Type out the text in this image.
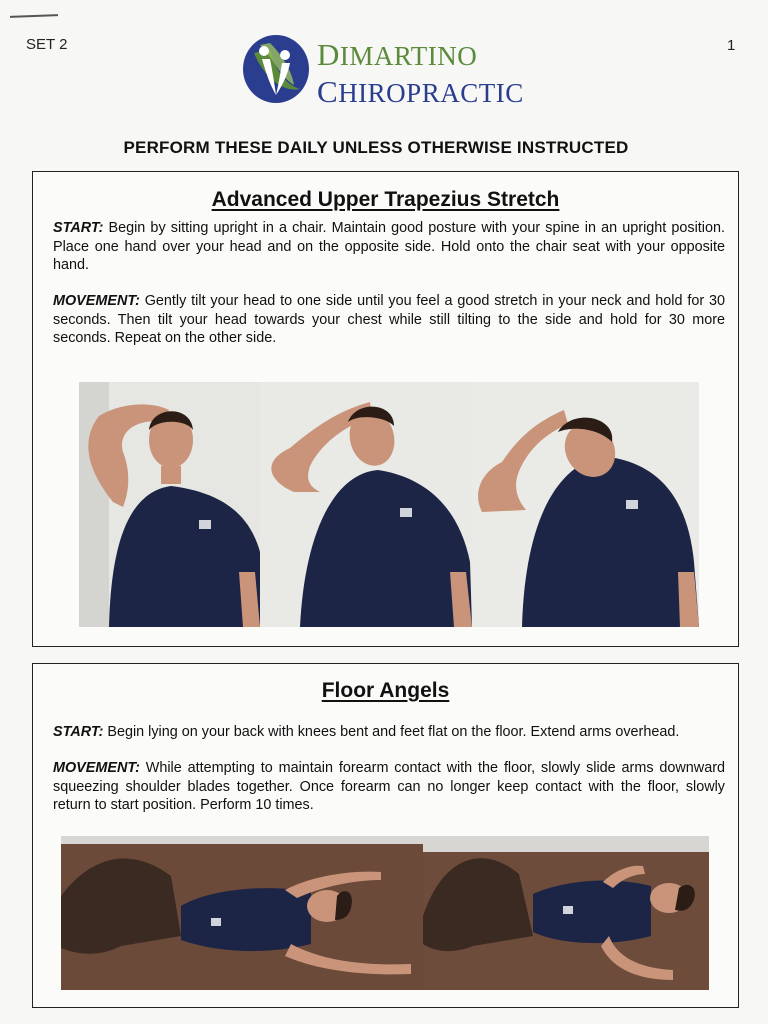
SET 2	1
DIMARTINO
CHIROPRACTIC
PERFORM THESE DAILY UNLESS OTHERWISE INSTRUCTED
Advanced Upper Trapezius Stretch

START: Begin by sitting upright in a chair. Maintain good posture with your spine in an upright position. Place one hand over your head and on the opposite side. Hold onto the chair seat with your opposite hand.

MOVEMENT: Gently tilt your head to one side until you feel a good stretch in your neck and hold for 30 seconds. Then tilt your head towards your chest while still tilting to the side and hold for 30 more seconds. Repeat on the other side.

Floor Angels

START: Begin lying on your back with knees bent and feet flat on the floor. Extend arms overhead.

MOVEMENT: While attempting to maintain forearm contact with the floor, slowly slide arms downward squeezing shoulder blades together. Once forearm can no longer keep contact with the floor, slowly return to start position. Perform 10 times.
